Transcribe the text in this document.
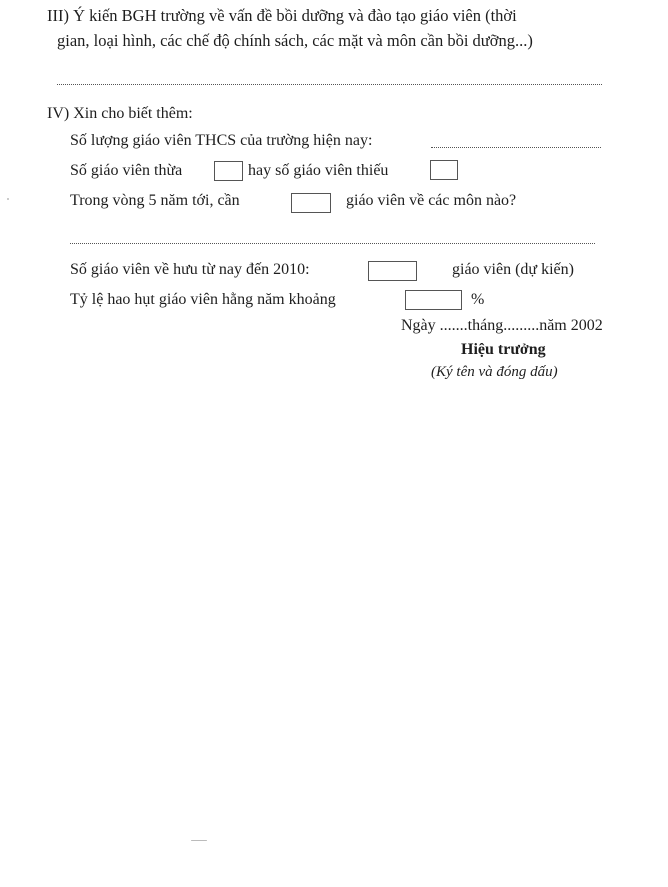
III) Ý kiến BGH trường về vấn đề bồi dưỡng và đào tạo giáo viên (thời
gian, loại hình, các chế độ chính sách, các mặt và môn cần bồi dưỡng...)
IV) Xin cho biết thêm:
Số lượng giáo viên THCS của trường hiện nay:
Số giáo viên thừa	hay số giáo viên thiếu
Trong vòng 5 năm tới, cần	giáo viên về các môn nào?
Số giáo viên về hưu từ nay đến 2010:	giáo viên (dự kiến)
Tỷ lệ hao hụt giáo viên hằng năm khoảng	%
Ngày .......tháng.........năm 2002
Hiệu trưởng
(Ký tên và đóng dấu)
